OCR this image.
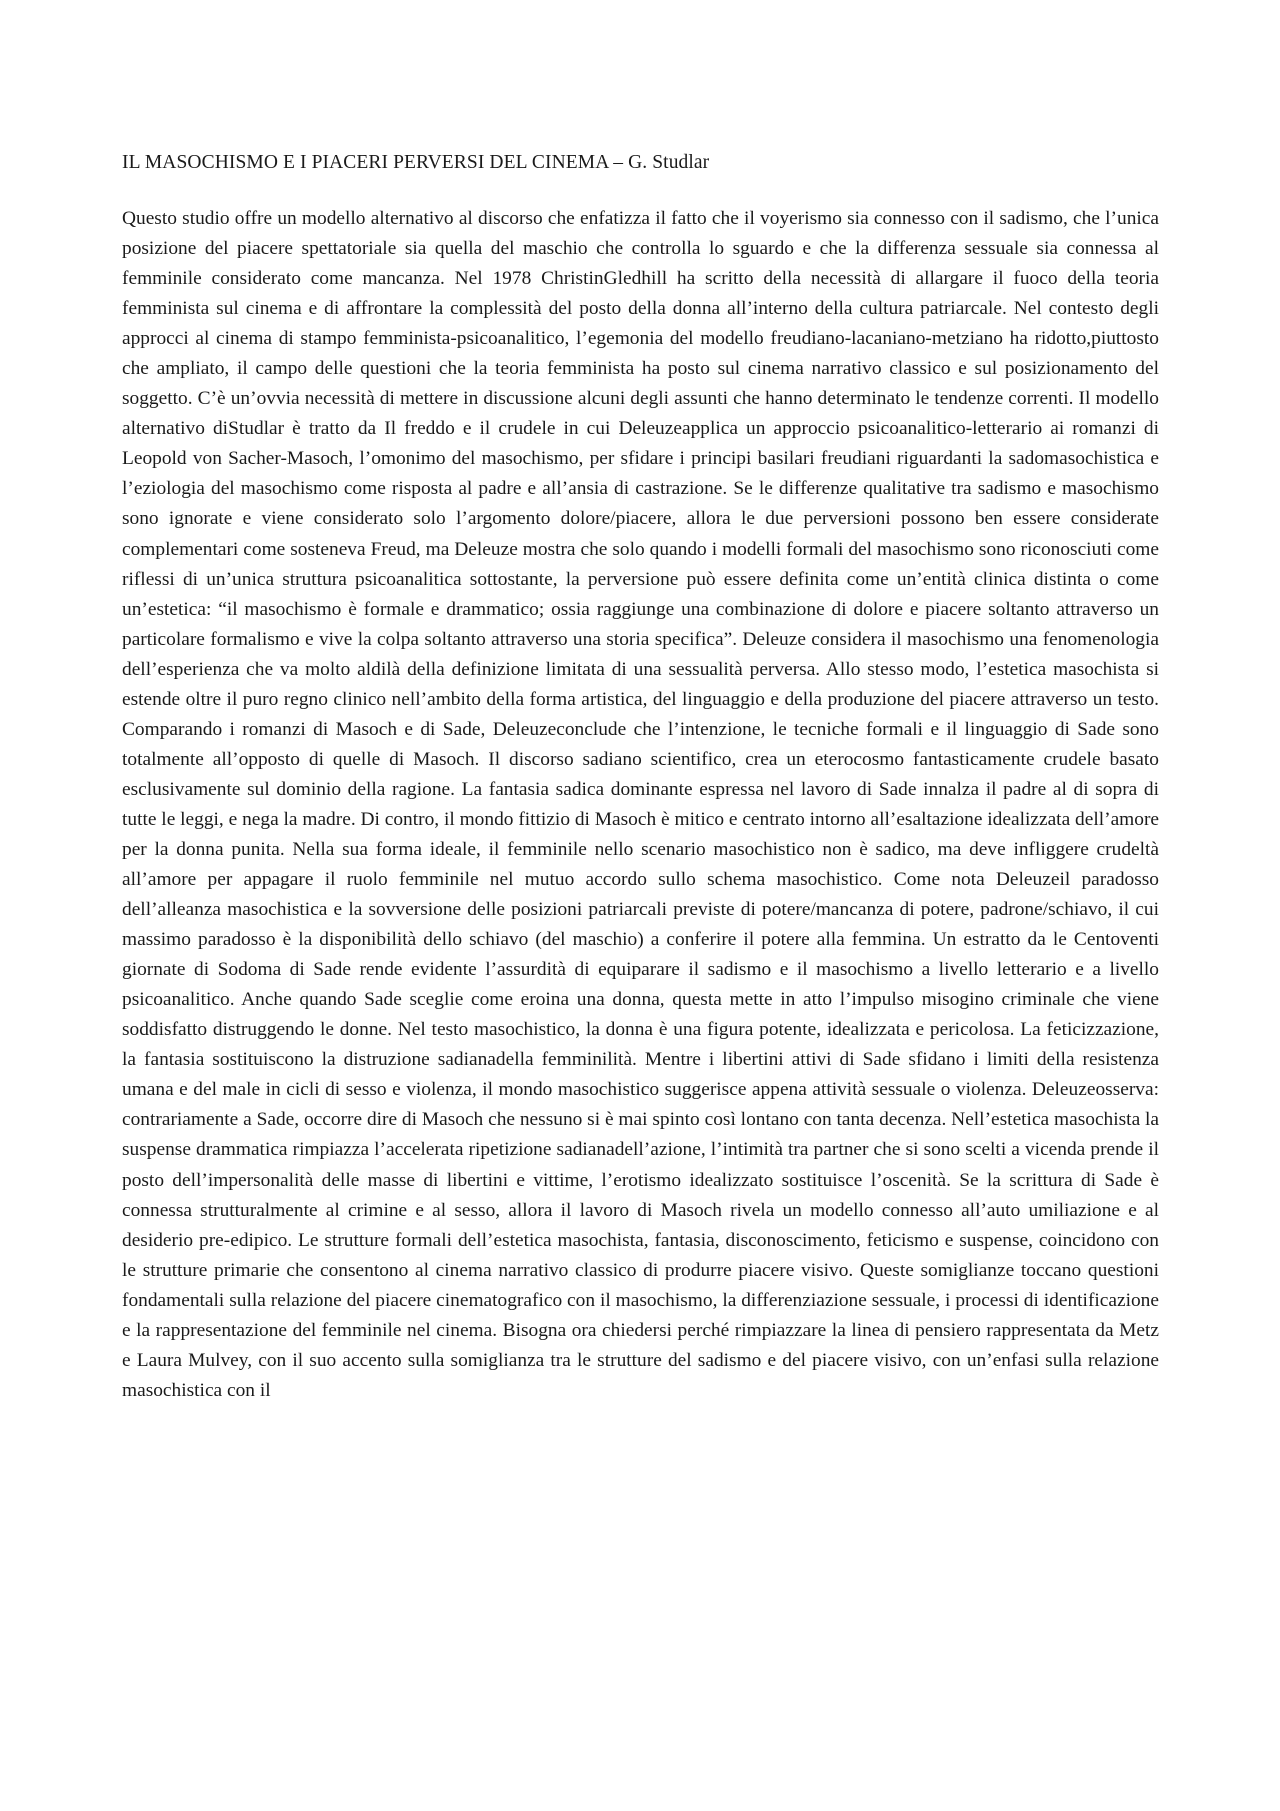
IL MASOCHISMO E I PIACERI PERVERSI DEL CINEMA – G. Studlar

Questo studio offre un modello alternativo al discorso che enfatizza il fatto che il voyerismo sia connesso con il sadismo, che l’unica posizione del piacere spettatoriale sia quella del maschio che controlla lo sguardo e che la differenza sessuale sia connessa al femminile considerato come mancanza. Nel 1978 ChristinGledhill ha scritto della necessità di allargare il fuoco della teoria femminista sul cinema e di affrontare la complessità del posto della donna all’interno della cultura patriarcale. Nel contesto degli approcci al cinema di stampo femminista-psicoanalitico, l’egemonia del modello freudiano-lacaniano-metziano ha ridotto,piuttosto che ampliato, il campo delle questioni che la teoria femminista ha posto sul cinema narrativo classico e sul posizionamento del soggetto. C’è un’ovvia necessità di mettere in discussione alcuni degli assunti che hanno determinato le tendenze correnti. Il modello alternativo diStudlar è tratto da Il freddo e il crudele in cui Deleuzeapplica un approccio psicoanalitico-letterario ai romanzi di Leopold von Sacher-Masoch, l’omonimo del masochismo, per sfidare i principi basilari freudiani riguardanti la sadomasochistica e l’eziologia del masochismo come risposta al padre e all’ansia di castrazione. Se le differenze qualitative tra sadismo e masochismo sono ignorate e viene considerato solo l’argomento dolore/piacere, allora le due perversioni possono ben essere considerate complementari come sosteneva Freud, ma Deleuze mostra che solo quando i modelli formali del masochismo sono riconosciuti come riflessi di un’unica struttura psicoanalitica sottostante, la perversione può essere definita come un’entità clinica distinta o come un’estetica: “il masochismo è formale e drammatico; ossia raggiunge una combinazione di dolore e piacere soltanto attraverso un particolare formalismo e vive la colpa soltanto attraverso una storia specifica”. Deleuze considera il masochismo una fenomenologia dell’esperienza che va molto aldilà della definizione limitata di una sessualità perversa. Allo stesso modo, l’estetica masochista si estende oltre il puro regno clinico nell’ambito della forma artistica, del linguaggio e della produzione del piacere attraverso un testo. Comparando i romanzi di Masoch e di Sade, Deleuzeconclude che l’intenzione, le tecniche formali e il linguaggio di Sade sono totalmente all’opposto di quelle di Masoch. Il discorso sadiano scientifico, crea un eterocosmo fantasticamente crudele basato esclusivamente sul dominio della ragione. La fantasia sadica dominante espressa nel lavoro di Sade innalza il padre al di sopra di tutte le leggi, e nega la madre. Di contro, il mondo fittizio di Masoch è mitico e centrato intorno all’esaltazione idealizzata dell’amore per la donna punita. Nella sua forma ideale, il femminile nello scenario masochistico non è sadico, ma deve infliggere crudeltà all’amore per appagare il ruolo femminile nel mutuo accordo sullo schema masochistico. Come nota Deleuzeil paradosso dell’alleanza masochistica e la sovversione delle posizioni patriarcali previste di potere/mancanza di potere, padrone/schiavo, il cui massimo paradosso è la disponibilità dello schiavo (del maschio) a conferire il potere alla femmina. Un estratto da le Centoventi giornate di Sodoma di Sade rende evidente l’assurdità di equiparare il sadismo e il masochismo a livello letterario e a livello psicoanalitico. Anche quando Sade sceglie come eroina una donna, questa mette in atto l’impulso misogino criminale che viene soddisfatto distruggendo le donne. Nel testo masochistico, la donna è una figura potente, idealizzata e pericolosa. La feticizzazione, la fantasia sostituiscono la distruzione sadianadella femminilità. Mentre i libertini attivi di Sade sfidano i limiti della resistenza umana e del male in cicli di sesso e violenza, il mondo masochistico suggerisce appena attività sessuale o violenza. Deleuzeosserva: contrariamente a Sade, occorre dire di Masoch che nessuno si è mai spinto così lontano con tanta decenza. Nell’estetica masochista la suspense drammatica rimpiazza l’accelerata ripetizione sadianadell’azione, l’intimità tra partner che si sono scelti a vicenda prende il posto dell’impersonalità delle masse di libertini e vittime, l’erotismo idealizzato sostituisce l’oscenità. Se la scrittura di Sade è connessa strutturalmente al crimine e al sesso, allora il lavoro di Masoch rivela un modello connesso all’auto umiliazione e al desiderio pre-edipico. Le strutture formali dell’estetica masochista, fantasia, disconoscimento, feticismo e suspense, coincidono con le strutture primarie che consentono al cinema narrativo classico di produrre piacere visivo. Queste somiglianze toccano questioni fondamentali sulla relazione del piacere cinematografico con il masochismo, la differenziazione sessuale, i processi di identificazione e la rappresentazione del femminile nel cinema. Bisogna ora chiedersi perché rimpiazzare la linea di pensiero rappresentata da Metz e Laura Mulvey, con il suo accento sulla somiglianza tra le strutture del sadismo e del piacere visivo, con un’enfasi sulla relazione masochistica con il
